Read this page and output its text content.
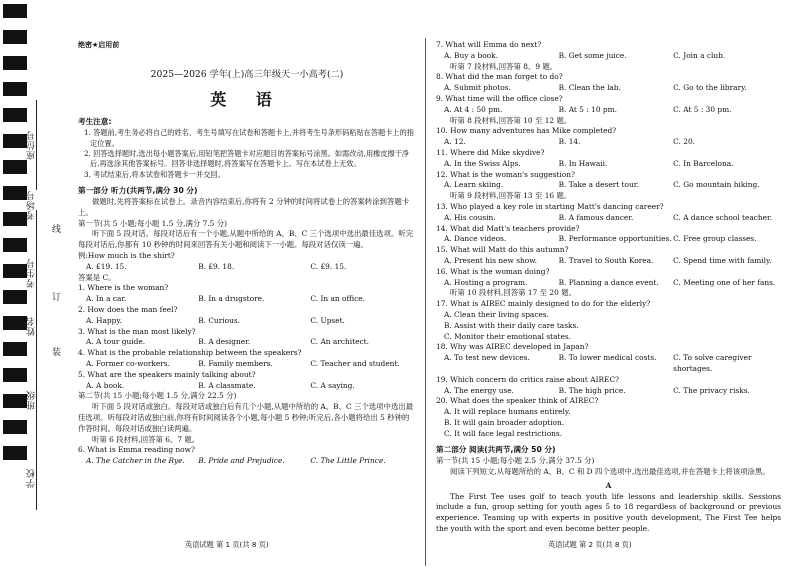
座位号
考场号
考生号
姓名
班级
学校
线
订
装
绝密★启用前
2025—2026 学年(上)高三年级天一小高考(二)
英 语
考生注意:
1. 答题前,考生务必将自己的姓名、考生号填写在试卷和答题卡上,并将考生号条形码粘贴在答题卡上的指定位置。
2. 回答选择题时,选出每小题答案后,用铅笔把答题卡对应题目的答案标号涂黑。如需改动,用橡皮擦干净后,再选涂其他答案标号。回答非选择题时,将答案写在答题卡上。写在本试卷上无效。
3. 考试结束后,将本试卷和答题卡一并交回。
第一部分 听力(共两节,满分 30 分)
做题时,先将答案标在试卷上。录音内容结束后,你将有 2 分钟的时间将试卷上的答案转涂到答题卡上。
第一节(共 5 小题;每小题 1.5 分,满分 7.5 分)
听下面 5 段对话。每段对话后有一个小题,从题中所给的 A、B、C 三个选项中选出最佳选项。听完每段对话后,你都有 10 秒钟的时间来回答有关小题和阅读下一小题。每段对话仅读一遍。
例:How much is the shirt?
A. £19. 15.	B. £9. 18.	C. £9. 15.
答案是 C。
1. Where is the woman?
A. In a car.	B. In a drugstore.	C. In an office.
2. How does the man feel?
A. Happy.	B. Curious.	C. Upset.
3. What is the man most likely?
A. A tour guide.	B. A designer.	C. An architect.
4. What is the probable relationship between the speakers?
A. Former co-workers.	B. Family members.	C. Teacher and student.
5. What are the speakers mainly talking about?
A. A book.	B. A classmate.	C. A saying.
第二节(共 15 小题;每小题 1.5 分,满分 22.5 分)
听下面 5 段对话或独白。每段对话或独白后有几个小题,从题中所给的 A、B、C 三个选项中选出最佳选项。听每段对话或独白前,你将有时间阅读各个小题,每小题 5 秒钟;听完后,各小题将给出 5 秒钟的作答时间。每段对话或独白读两遍。
听第 6 段材料,回答第 6、7 题。
6. What is Emma reading now?
A. The Catcher in the Rye.	B. Pride and Prejudice.	C. The Little Prince.
7. What will Emma do next?
A. Buy a book.	B. Get some juice.	C. Join a club.
听第 7 段材料,回答第 8、9 题。
8. What did the man forget to do?
A. Submit photos.	B. Clean the lab.	C. Go to the library.
9. What time will the office close?
A. At 4 : 50 pm.	B. At 5 : 10 pm.	C. At 5 : 30 pm.
听第 8 段材料,回答第 10 至 12 题。
10. How many adventures has Mike completed?
A. 12.	B. 14.	C. 20.
11. Where did Mike skydive?
A. In the Swiss Alps.	B. In Hawaii.	C. In Barcelona.
12. What is the woman's suggestion?
A. Learn skiing.	B. Take a desert tour.	C. Go mountain hiking.
听第 9 段材料,回答第 13 至 16 题。
13. Who played a key role in starting Matt's dancing career?
A. His cousin.	B. A famous dancer.	C. A dance school teacher.
14. What did Matt's teachers provide?
A. Dance videos.	B. Performance opportunities. C. Free group classes.
15. What will Matt do this autumn?
A. Present his new show.	B. Travel to South Korea.	C. Spend time with family.
16. What is the woman doing?
A. Hosting a program.	B. Planning a dance event.	C. Meeting one of her fans.
听第 10 段材料,回答第 17 至 20 题。
17. What is AIREC mainly designed to do for the elderly?
A. Clean their living spaces.
B. Assist with their daily care tasks.
C. Monitor their emotional states.
18. Why was AIREC developed in Japan?
A. To test new devices.	B. To lower medical costs.	C. To solve caregiver shortages.
19. Which concern do critics raise about AIREC?
A. The energy use.	B. The high price.	C. The privacy risks.
20. What does the speaker think of AIREC?
A. It will replace humans entirely.
B. It will gain broader adoption.
C. It will face legal restrictions.
第二部分 阅读(共两节,满分 50 分)
第一节(共 15 小题;每小题 2.5 分,满分 37.5 分)
阅读下列短文,从每题所给的 A、B、C 和 D 四个选项中,选出最佳选项,并在答题卡上将该项涂黑。
A
The First Tee uses golf to teach youth life lessons and leadership skills. Sessions include a fun, group setting for youth ages 5 to 18 regardless of background or previous experience. Teaming up with experts in positive youth development, The First Tee helps the youth with the sport and even become better people.
英语试题 第 1 页(共 8 页)	英语试题 第 2 页(共 8 页)
